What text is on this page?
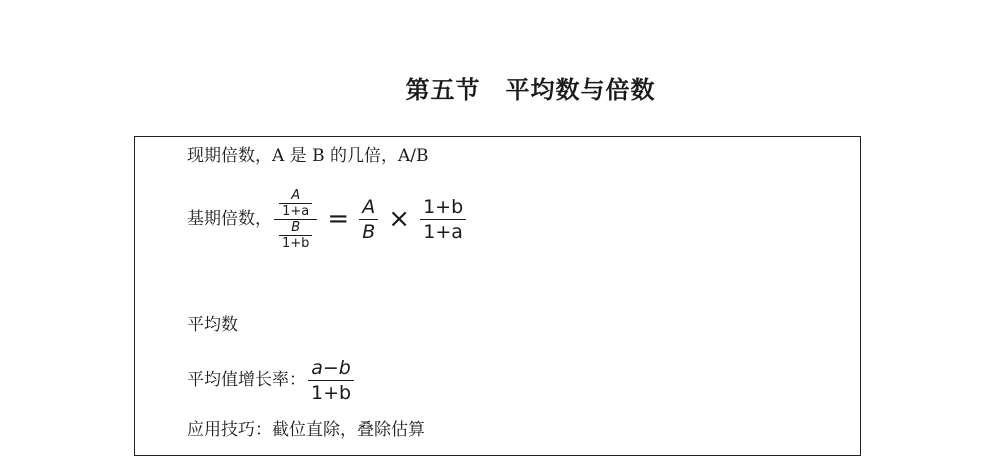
第五节　平均数与倍数
现期倍数， A 是 B 的几倍，A/B
基期倍数， $\frac{\frac{A}{1+a}}{\frac{B}{1+b}} = \frac{A}{B} \times \frac{1+b}{1+a}$
平均数
平均值增长率： $\frac{a-b}{1+b}$
应用技巧：截位直除，叠除估算
